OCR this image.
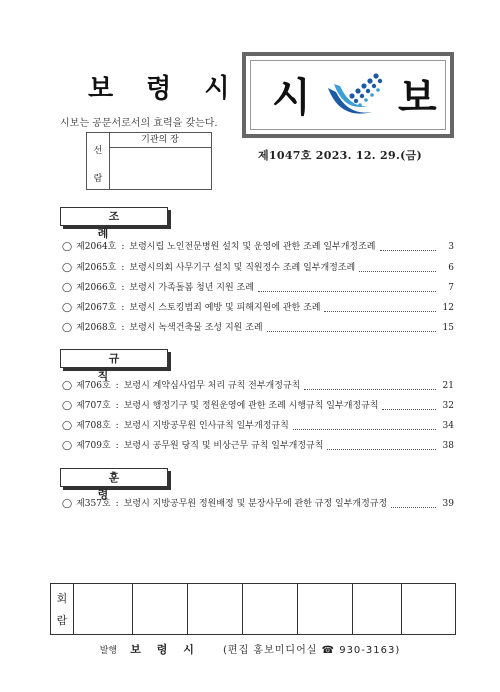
보 령 시
시보는 공문서로서의 효력을 갖는다.
선
람
기관의 장
시 보
제1047호 2023. 12. 29.(금)
조 례
◯ 제2064호 : 보령시립 노인전문병원 설치 및 운영에 관한 조례 일부개정조례	3
◯ 제2065호 : 보령시의회 사무기구 설치 및 직원정수 조례 일부개정조례	6
◯ 제2066호 : 보령시 가족돌봄 청년 지원 조례	7
◯ 제2067호 : 보령시 스토킹범죄 예방 및 피해지원에 관한 조례	12
◯ 제2068호 : 보령시 녹색건축물 조성 지원 조례	15
규 칙
◯ 제706호 : 보령시 계약심사업무 처리 규칙 전부개정규칙	21
◯ 제707호 : 보령시 행정기구 및 정원운영에 관한 조례 시행규칙 일부개정규칙	32
◯ 제708호 : 보령시 지방공무원 인사규칙 일부개정규칙	34
◯ 제709호 : 보령시 공무원 당직 및 비상근무 규칙 일부개정규칙	38
훈 령
◯ 제357호 : 보령시 지방공무원 정원배정 및 분장사무에 관한 규정 일부개정규정	39
회
람
발행 보 령 시 (편집 홍보미디어실 ☎ 930-3163)
